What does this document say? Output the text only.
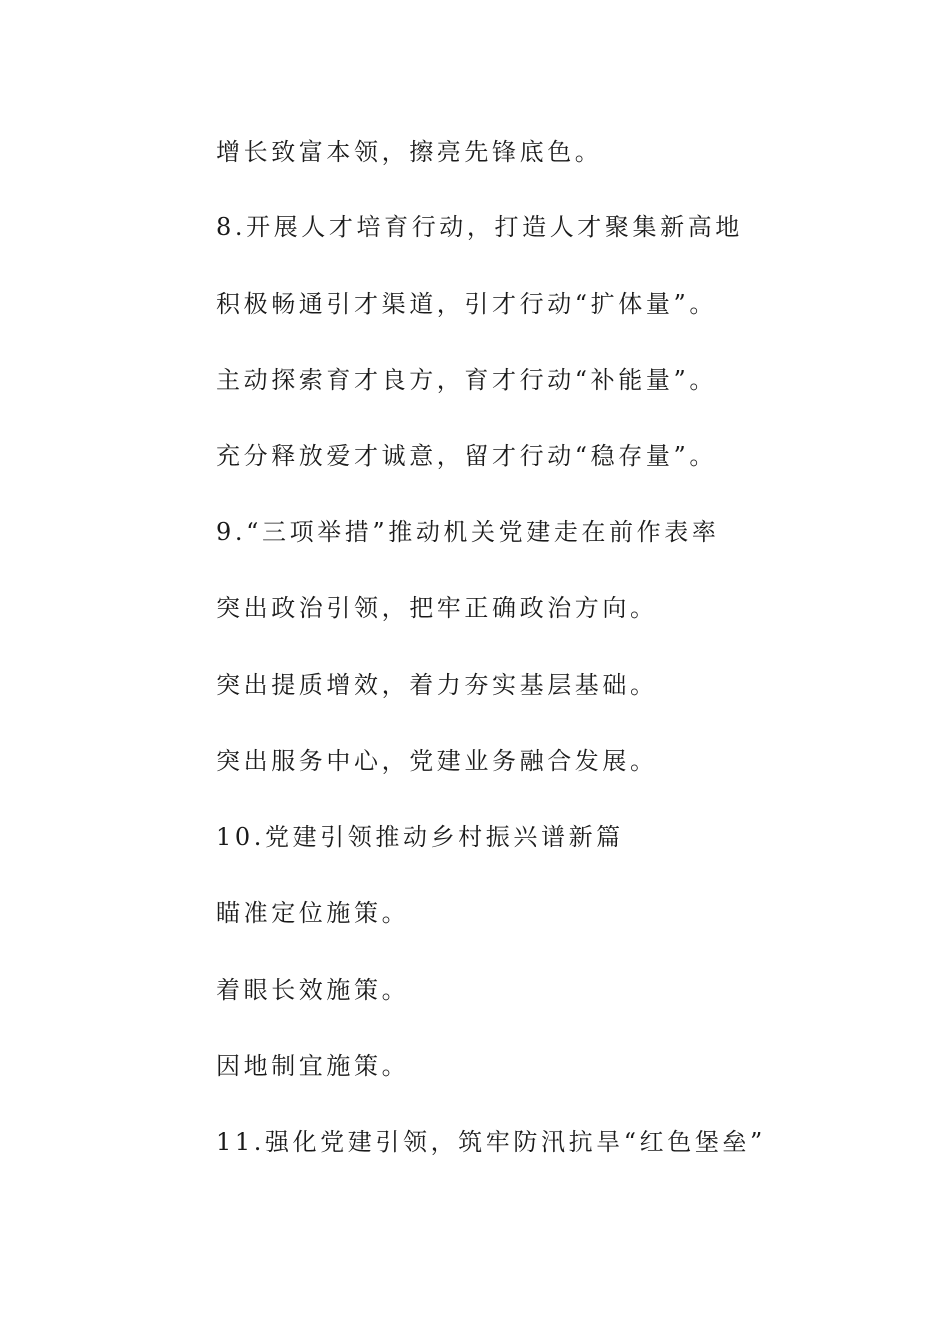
增长致富本领，擦亮先锋底色。

8.开展人才培育行动，打造人才聚集新高地

积极畅通引才渠道，引才行动“扩体量”。

主动探索育才良方，育才行动“补能量”。

充分释放爱才诚意，留才行动“稳存量”。

9.“三项举措”推动机关党建走在前作表率

突出政治引领，把牢正确政治方向。

突出提质增效，着力夯实基层基础。

突出服务中心，党建业务融合发展。

10.党建引领推动乡村振兴谱新篇

瞄准定位施策。

着眼长效施策。

因地制宜施策。

11.强化党建引领，筑牢防汛抗旱“红色堡垒”
